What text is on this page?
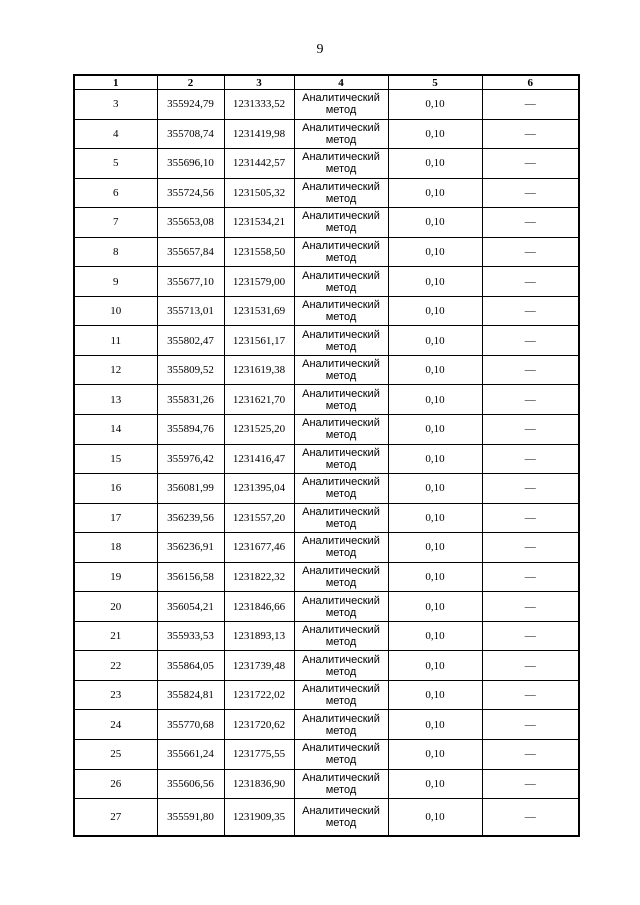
9
1	2	3	4	5	6
3	355924,79	1231333,52	Аналитический метод	0,10	—
4	355708,74	1231419,98	Аналитический метод	0,10	—
5	355696,10	1231442,57	Аналитический метод	0,10	—
6	355724,56	1231505,32	Аналитический метод	0,10	—
7	355653,08	1231534,21	Аналитический метод	0,10	—
8	355657,84	1231558,50	Аналитический метод	0,10	—
9	355677,10	1231579,00	Аналитический метод	0,10	—
10	355713,01	1231531,69	Аналитический метод	0,10	—
11	355802,47	1231561,17	Аналитический метод	0,10	—
12	355809,52	1231619,38	Аналитический метод	0,10	—
13	355831,26	1231621,70	Аналитический метод	0,10	—
14	355894,76	1231525,20	Аналитический метод	0,10	—
15	355976,42	1231416,47	Аналитический метод	0,10	—
16	356081,99	1231395,04	Аналитический метод	0,10	—
17	356239,56	1231557,20	Аналитический метод	0,10	—
18	356236,91	1231677,46	Аналитический метод	0,10	—
19	356156,58	1231822,32	Аналитический метод	0,10	—
20	356054,21	1231846,66	Аналитический метод	0,10	—
21	355933,53	1231893,13	Аналитический метод	0,10	—
22	355864,05	1231739,48	Аналитический метод	0,10	—
23	355824,81	1231722,02	Аналитический метод	0,10	—
24	355770,68	1231720,62	Аналитический метод	0,10	—
25	355661,24	1231775,55	Аналитический метод	0,10	—
26	355606,56	1231836,90	Аналитический метод	0,10	—
27	355591,80	1231909,35	Аналитический метод	0,10	—
